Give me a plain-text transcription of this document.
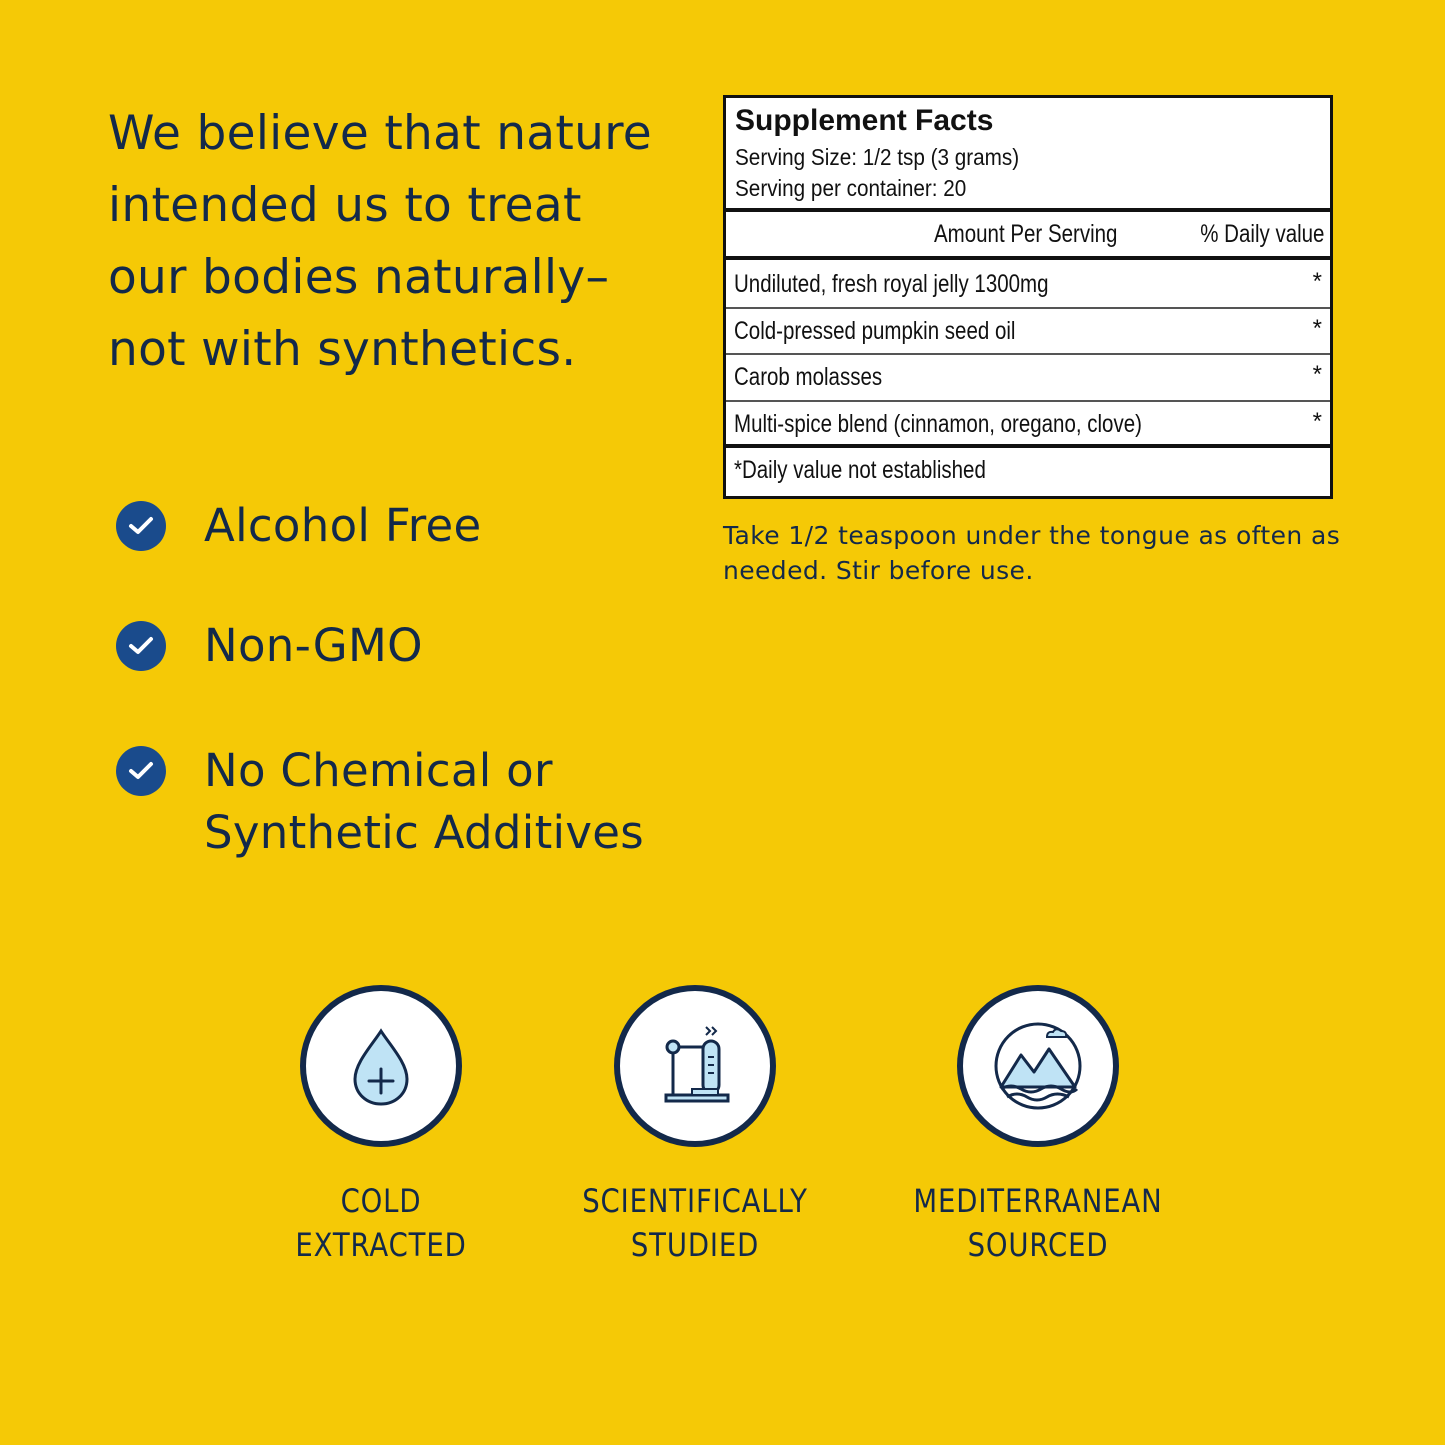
We believe that nature
intended us to treat
our bodies naturally–
not with synthetics.
Alcohol Free
Non-GMO
No Chemical or
Synthetic Additives
Supplement Facts
Serving Size: 1/2 tsp (3 grams)
Serving per container: 20
Amount Per Serving	% Daily value
Undiluted, fresh royal jelly 1300mg	*
Cold-pressed pumpkin seed oil	*
Carob molasses	*
Multi-spice blend (cinnamon, oregano, clove)	*
*Daily value not established

Take 1/2 teaspoon under the tongue as often as needed. Stir before use.

COLD
EXTRACTED
SCIENTIFICALLY
STUDIED
MEDITERRANEAN
SOURCED
